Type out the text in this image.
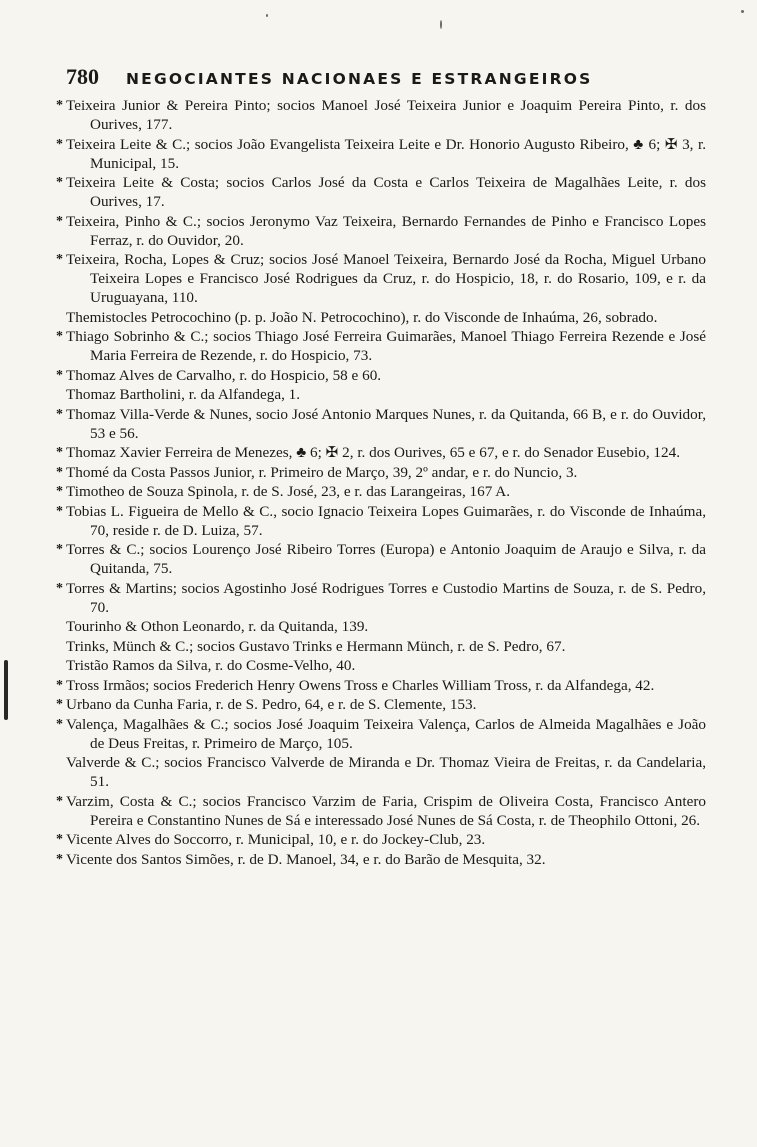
780	NEGOCIANTES NACIONAES E ESTRANGEIROS
* Teixeira Junior & Pereira Pinto; socios Manoel José Teixeira Junior e Joaquim Pereira Pinto, r. dos Ourives, 177.
* Teixeira Leite & C.; socios João Evangelista Teixeira Leite e Dr. Honorio Augusto Ribeiro, ♣ 6; ✠ 3, r. Municipal, 15.
* Teixeira Leite & Costa; socios Carlos José da Costa e Carlos Teixeira de Magalhães Leite, r. dos Ourives, 17.
* Teixeira, Pinho & C.; socios Jeronymo Vaz Teixeira, Bernardo Fernandes de Pinho e Francisco Lopes Ferraz, r. do Ouvidor, 20.
* Teixeira, Rocha, Lopes & Cruz; socios José Manoel Teixeira, Bernardo José da Rocha, Miguel Urbano Teixeira Lopes e Francisco José Rodrigues da Cruz, r. do Hospicio, 18, r. do Rosario, 109, e r. da Uruguayana, 110.
Themistocles Petrocochino (p. p. João N. Petrocochino), r. do Visconde de Inhaúma, 26, sobrado.
* Thiago Sobrinho & C.; socios Thiago José Ferreira Guimarães, Manoel Thiago Ferreira Rezende e José Maria Ferreira de Rezende, r. do Hospicio, 73.
* Thomaz Alves de Carvalho, r. do Hospicio, 58 e 60.
Thomaz Bartholini, r. da Alfandega, 1.
* Thomaz Villa-Verde & Nunes, socio José Antonio Marques Nunes, r. da Quitanda, 66 B, e r. do Ouvidor, 53 e 56.
* Thomaz Xavier Ferreira de Menezes, ♣ 6; ✠ 2, r. dos Ourives, 65 e 67, e r. do Senador Eusebio, 124.
* Thomé da Costa Passos Junior, r. Primeiro de Março, 39, 2º andar, e r. do Nuncio, 3.
* Timotheo de Souza Spinola, r. de S. José, 23, e r. das Larangeiras, 167 A.
* Tobias L. Figueira de Mello & C., socio Ignacio Teixeira Lopes Guimarães, r. do Visconde de Inhaúma, 70, reside r. de D. Luiza, 57.
* Torres & C.; socios Lourenço José Ribeiro Torres (Europa) e Antonio Joaquim de Araujo e Silva, r. da Quitanda, 75.
* Torres & Martins; socios Agostinho José Rodrigues Torres e Custodio Martins de Souza, r. de S. Pedro, 70.
Tourinho & Othon Leonardo, r. da Quitanda, 139.
Trinks, Münch & C.; socios Gustavo Trinks e Hermann Münch, r. de S. Pedro, 67.
Tristão Ramos da Silva, r. do Cosme-Velho, 40.
* Tross Irmãos; socios Frederich Henry Owens Tross e Charles William Tross, r. da Alfandega, 42.
* Urbano da Cunha Faria, r. de S. Pedro, 64, e r. de S. Clemente, 153.
* Valença, Magalhães & C.; socios José Joaquim Teixeira Valença, Carlos de Almeida Magalhães e João de Deus Freitas, r. Primeiro de Março, 105.
Valverde & C.; socios Francisco Valverde de Miranda e Dr. Thomaz Vieira de Freitas, r. da Candelaria, 51.
* Varzim, Costa & C.; socios Francisco Varzim de Faria, Crispim de Oliveira Costa, Francisco Antero Pereira e Constantino Nunes de Sá e interessado José Nunes de Sá Costa, r. de Theophilo Ottoni, 26.
* Vicente Alves do Soccorro, r. Municipal, 10, e r. do Jockey-Club, 23.
* Vicente dos Santos Simões, r. de D. Manoel, 34, e r. do Barão de Mesquita, 32.
